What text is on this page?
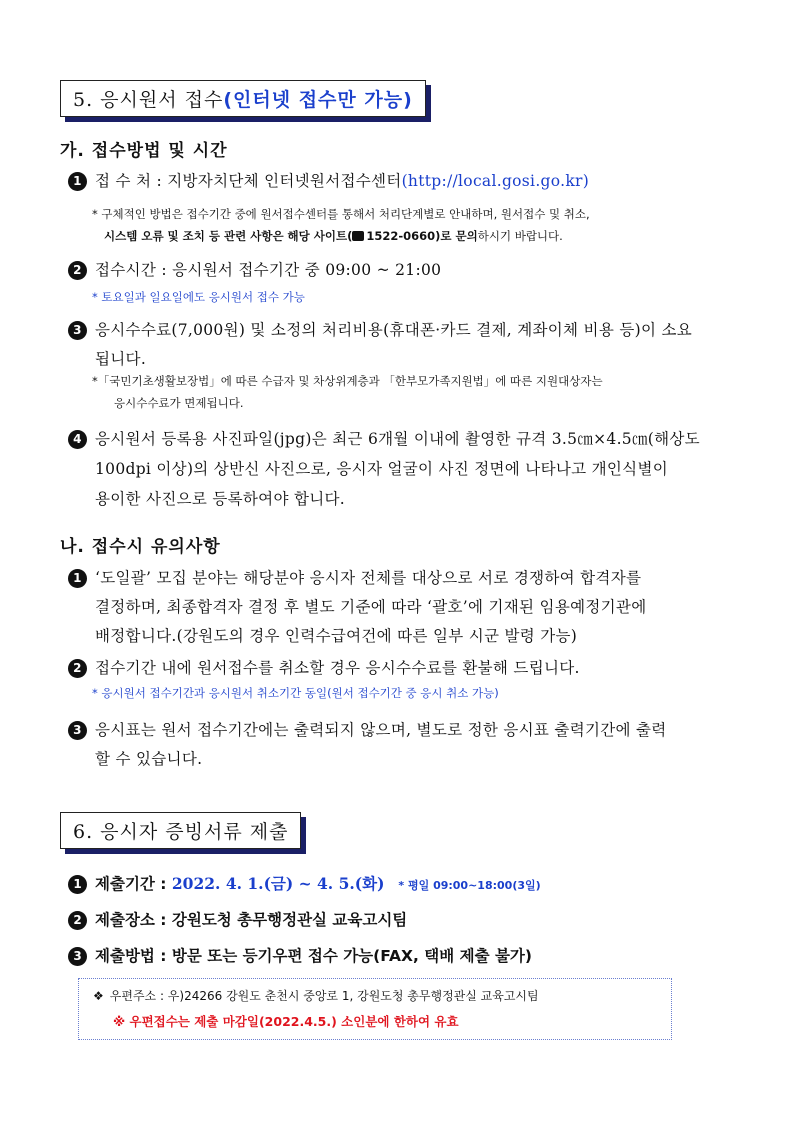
5. 응시원서 접수(인터넷 접수만 가능)
가. 접수방법 및 시간
1 접 수 처 : 지방자치단체 인터넷원서접수센터(http://local.gosi.go.kr)
* 구체적인 방법은 접수기간 중에 원서접수센터를 통해서 처리단계별로 안내하며, 원서접수 및 취소,
시스템 오류 및 조치 등 관련 사항은 해당 사이트( 1522-0660)로 문의하시기 바랍니다.
2 접수시간 : 응시원서 접수기간 중 09:00 ~ 21:00
* 토요일과 일요일에도 응시원서 접수 가능
3 응시수수료(7,000원) 및 소정의 처리비용(휴대폰·카드 결제, 계좌이체 비용 등)이 소요
됩니다.
*「국민기초생활보장법」에 따른 수급자 및 차상위계층과 「한부모가족지원법」에 따른 지원대상자는
응시수수료가 면제됩니다.
4 응시원서 등록용 사진파일(jpg)은 최근 6개월 이내에 촬영한 규격 3.5㎝×4.5㎝(해상도
100dpi 이상)의 상반신 사진으로, 응시자 얼굴이 사진 정면에 나타나고 개인식별이
용이한 사진으로 등록하여야 합니다.
나. 접수시 유의사항
1 ‘도일괄’ 모집 분야는 해당분야 응시자 전체를 대상으로 서로 경쟁하여 합격자를
결정하며, 최종합격자 결정 후 별도 기준에 따라 ‘괄호’에 기재된 임용예정기관에
배정합니다.(강원도의 경우 인력수급여건에 따른 일부 시군 발령 가능)
2 접수기간 내에 원서접수를 취소할 경우 응시수수료를 환불해 드립니다.
* 응시원서 접수기간과 응시원서 취소기간 동일(원서 접수기간 중 응시 취소 가능)
3 응시표는 원서 접수기간에는 출력되지 않으며, 별도로 정한 응시표 출력기간에 출력
할 수 있습니다.
6. 응시자 증빙서류 제출
1 제출기간 : 2022. 4. 1.(금) ~ 4. 5.(화) * 평일 09:00~18:00(3일)
2 제출장소 : 강원도청 총무행정관실 교육고시팀
3 제출방법 : 방문 또는 등기우편 접수 가능(FAX, 택배 제출 불가)
❖ 우편주소 : 우)24266 강원도 춘천시 중앙로 1, 강원도청 총무행정관실 교육고시팀
※ 우편접수는 제출 마감일(2022.4.5.) 소인분에 한하여 유효
